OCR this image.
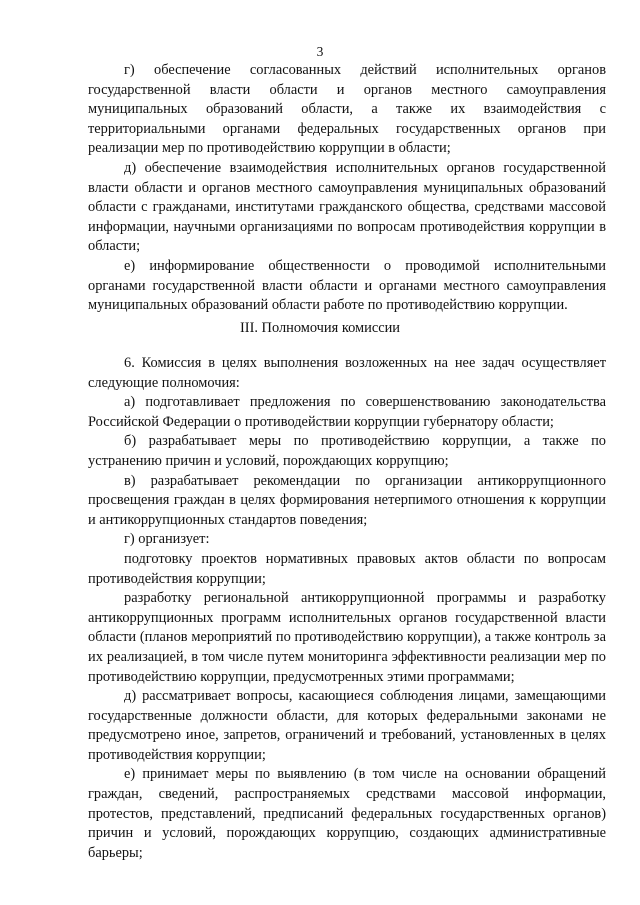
3

г) обеспечение согласованных действий исполнительных органов государственной власти области и органов местного самоуправления муниципальных образований области, а также их взаимодействия с территориальными органами федеральных государственных органов при реализации мер по противодействию коррупции в области;

д) обеспечение взаимодействия исполнительных органов государственной власти области и органов местного самоуправления муниципальных образований области с гражданами, институтами гражданского общества, средствами массовой информации, научными организациями по вопросам противодействия коррупции в области;

е) информирование общественности о проводимой исполнительными органами государственной власти области и органами местного самоуправления муниципальных образований области работе по противодействию коррупции.

III. Полномочия комиссии

6. Комиссия в целях выполнения возложенных на нее задач осуществляет следующие полномочия:

а) подготавливает предложения по совершенствованию законодательства Российской Федерации о противодействии коррупции губернатору области;

б) разрабатывает меры по противодействию коррупции, а также по устранению причин и условий, порождающих коррупцию;

в) разрабатывает рекомендации по организации антикоррупционного просвещения граждан в целях формирования нетерпимого отношения к коррупции и антикоррупционных стандартов поведения;

г) организует:

подготовку проектов нормативных правовых актов области по вопросам противодействия коррупции;

разработку региональной антикоррупционной программы и разработку антикоррупционных программ исполнительных органов государственной власти области (планов мероприятий по противодействию коррупции), а также контроль за их реализацией, в том числе путем мониторинга эффективности реализации мер по противодействию коррупции, предусмотренных этими программами;

д) рассматривает вопросы, касающиеся соблюдения лицами, замещающими государственные должности области, для которых федеральными законами не предусмотрено иное, запретов, ограничений и требований, установленных в целях противодействия коррупции;

е) принимает меры по выявлению (в том числе на основании обращений граждан, сведений, распространяемых средствами массовой информации, протестов, представлений, предписаний федеральных государственных органов) причин и условий, порождающих коррупцию, создающих административные барьеры;
